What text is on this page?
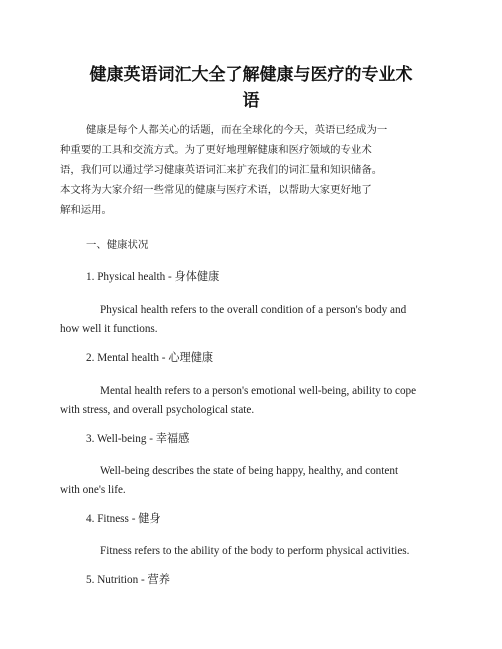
健康英语词汇大全了解健康与医疗的专业术
语
健康是每个人都关心的话题，而在全球化的今天，英语已经成为一
种重要的工具和交流方式。为了更好地理解健康和医疗领域的专业术
语，我们可以通过学习健康英语词汇来扩充我们的词汇量和知识储备。
本文将为大家介绍一些常见的健康与医疗术语，以帮助大家更好地了
解和运用。
一、健康状况
1. Physical health - 身体健康
Physical health refers to the overall condition of a person's body and
how well it functions.
2. Mental health - 心理健康
Mental health refers to a person's emotional well-being, ability to cope
with stress, and overall psychological state.
3. Well-being - 幸福感
Well-being describes the state of being happy, healthy, and content
with one's life.
4. Fitness - 健身
Fitness refers to the ability of the body to perform physical activities.
5. Nutrition - 营养
